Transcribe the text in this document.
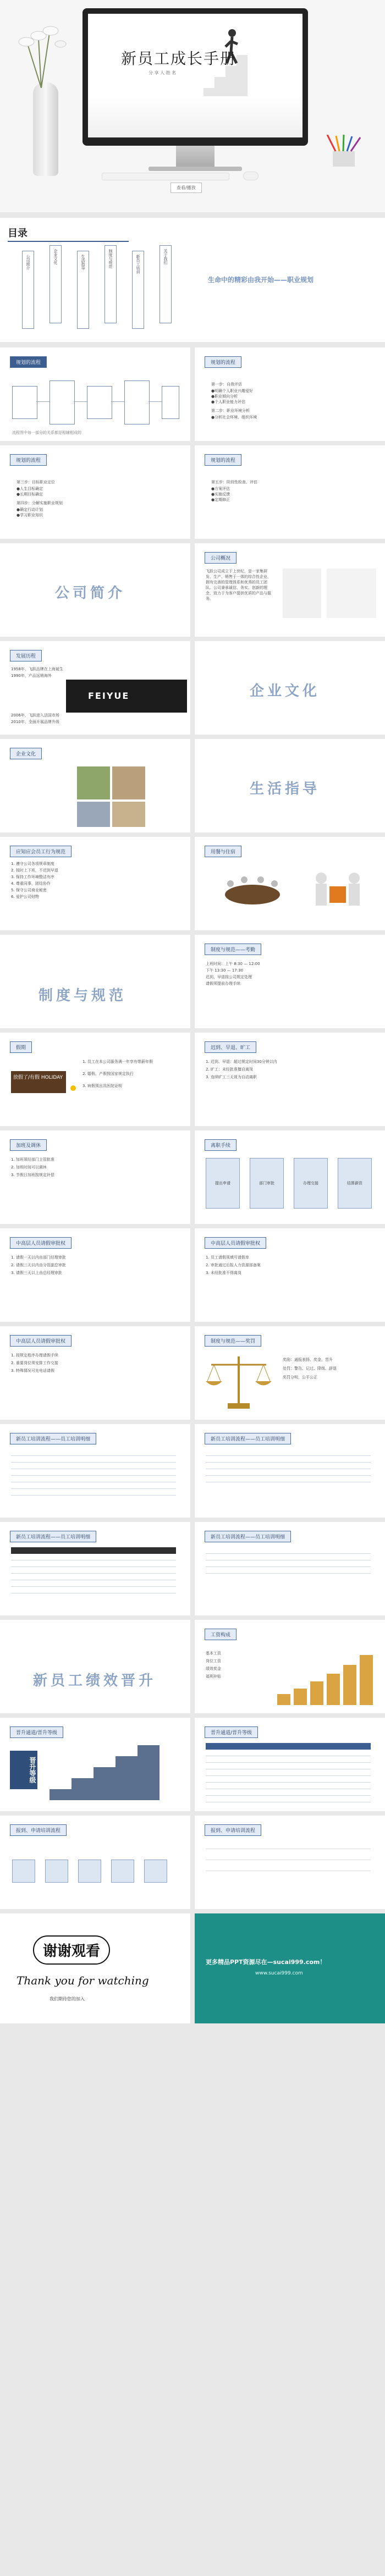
新员工成长手册
分 享 人 姓 名

查看/播放
目录
公司简介	企业文化	生活指导	制度与规范	新员工培训	关于我们
生命中的精彩由我开始——职业规划
规划的流程
流程图中每一部分的关系都是相辅相成的
规划的流程
第一步：自我评估
●明确个人职业兴趣爱好
●职业倾向分析
●个人职业能力评估
第二步：职业环境分析
●分析社会环境、组织环境
规划的流程
第三步：目标职业定位
●人生目标确定
●长期目标确定
第四步：分解实施职业规划
●确定行动计划
●学习职业知识
规划的流程
第五步：阶段性检查、评估
●方案评估
●实施反馈
●定期修正
公司简介
公司概况
飞跃公司成立于上世纪，是一家集研发、生产、销售于一体的综合性企业，拥有完善的管理体系和优秀的员工团队。公司秉承诚信、务实、创新的理念，致力于为客户提供优质的产品与服务。
发展历程
1958年，飞跃品牌在上海诞生
1990年，产品远销海外
2006年，飞跃进入法国市场
2010年，全面开展品牌升级
FEIYUE	企业文化
企业文化
生活指导
应知应会员工行为规范
1. 遵守公司各项规章制度
2. 按时上下班，不迟到早退
3. 保持工作环境整洁有序
4. 尊重同事，团结协作
5. 保守公司商业秘密
6. 爱护公司财物
用餐与住宿
制度与规范
制度与规范——考勤
上班时间：上午 8:30 — 12:00
下午 13:30 — 17:30
迟到、早退按公司规定处理
请假须提前办理手续
假期
放假了/有假 HOLIDAY
1. 员工在本公司服务满一年享有带薪年假
2. 婚假、产假按国家规定执行
3. 病假须出具医院证明
迟到、早退、旷工
1. 迟到、早退：超过规定时间30分钟以内
2. 旷工：未经批准擅自离岗
3. 连续旷工三天视为自动离职
加班及调休
1. 加班须经部门主管批准
2. 加班时间可以调休
3. 节假日加班按规定补偿
离职手续
提出申请	部门审批	办理交接	结算薪资
中高层人员请假审批权
1. 请假一天以内由部门经理审批
2. 请假三天以内由分管副总审批
3. 请假三天以上由总经理审批
中高层人员请假审批权
1. 员工请假须填写请假单
2. 审批通过后报人力资源部备案
3. 未经批准不得离岗
中高层人员请假审批权
1. 按规定程序办理请假手续
2. 重要岗位须安排工作交接
3. 特殊情况可先电话请假
制度与规范——奖罚
奖励：通报表扬、奖金、晋升
处罚：警告、记过、降级、辞退
奖罚分明，公平公正
新员工培训流程——员工培训明细	新员工培训流程——员工培训明细
新员工培训流程——员工培训明细	新员工培训流程——员工培训明细
新员工绩效晋升
工资构成
基本工资
岗位工资
绩效奖金
福利补贴
晋升通道/晋升等级
晋升等级
晋升通道/晋升等级
报到、申请培训流程	报到、申请培训流程
谢谢观看
Thank you for watching
我们期待您的加入
更多精品PPT资源尽在—sucai999.com！
www.sucai999.com
